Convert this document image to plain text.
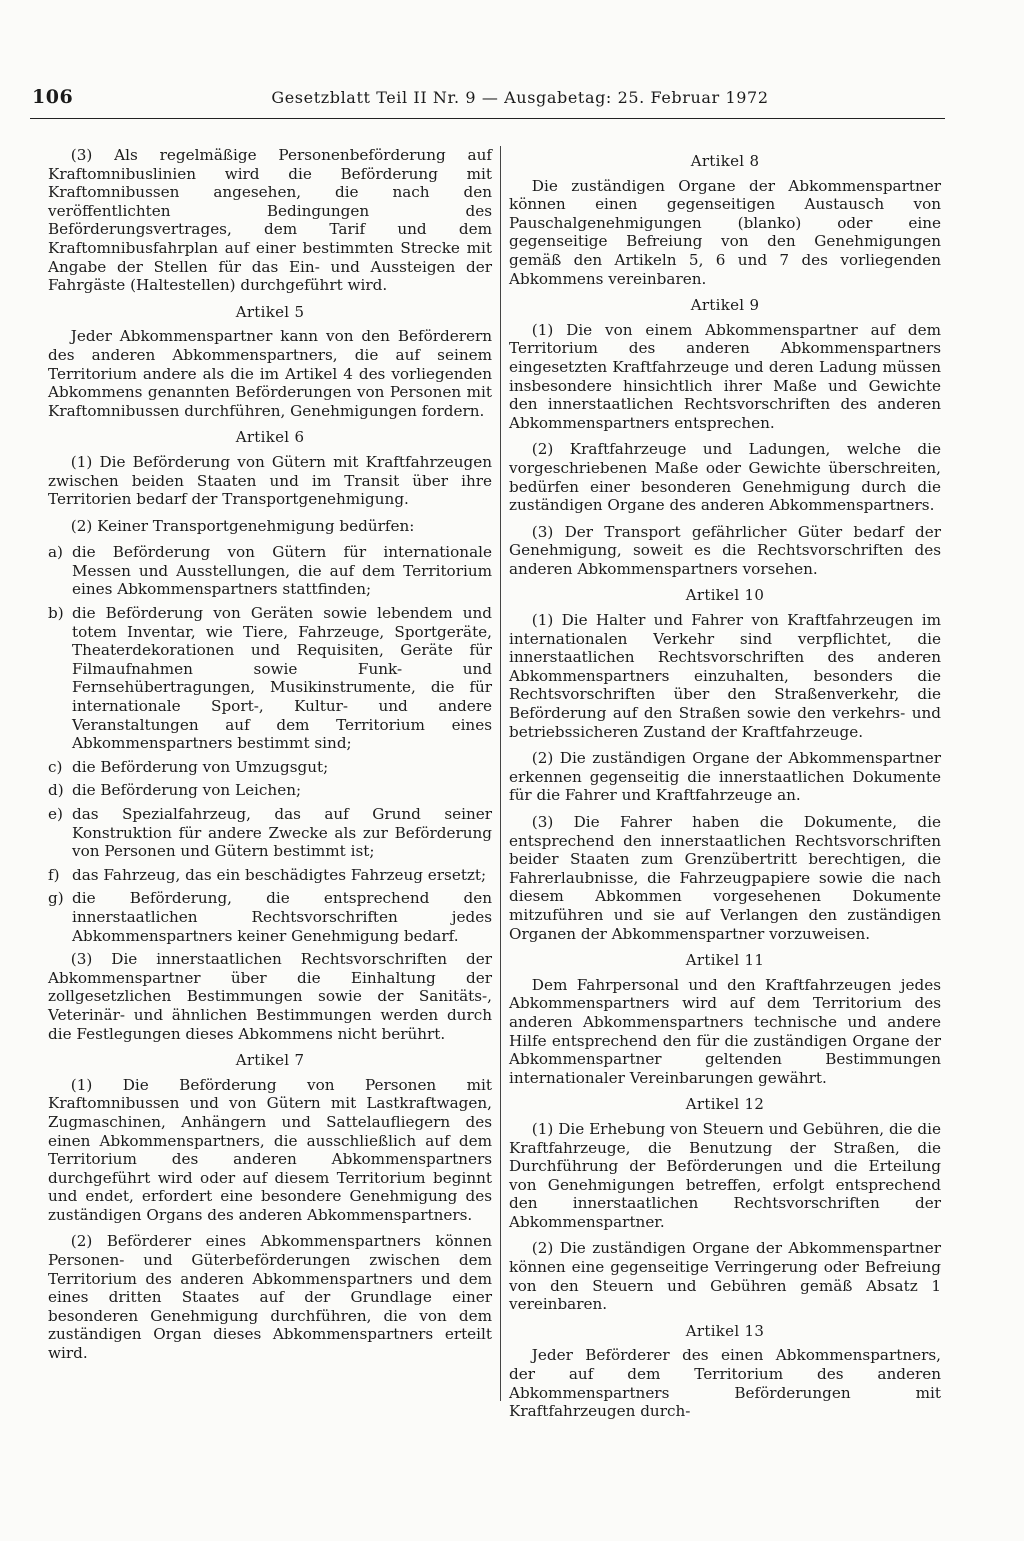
106	Gesetzblatt Teil II Nr. 9 — Ausgabetag: 25. Februar 1972

(3) Als regelmäßige Personenbeförderung auf Kraftomnibuslinien wird die Beförderung mit Kraftomnibussen angesehen, die nach den veröffentlichten Bedingungen des Beförderungsvertrages, dem Tarif und dem Kraftomnibusfahrplan auf einer bestimmten Strecke mit Angabe der Stellen für das Ein- und Aussteigen der Fahrgäste (Haltestellen) durchgeführt wird.

Artikel 5

Jeder Abkommenspartner kann von den Beförderern des anderen Abkommenspartners, die auf seinem Territorium andere als die im Artikel 4 des vorliegenden Abkommens genannten Beförderungen von Personen mit Kraftomnibussen durchführen, Genehmigungen fordern.

Artikel 6

(1) Die Beförderung von Gütern mit Kraftfahrzeugen zwischen beiden Staaten und im Transit über ihre Territorien bedarf der Transportgenehmigung.

(2) Keiner Transportgenehmigung bedürfen:

a) die Beförderung von Gütern für internationale Messen und Ausstellungen, die auf dem Territorium eines Abkommenspartners stattfinden;
b) die Beförderung von Geräten sowie lebendem und totem Inventar, wie Tiere, Fahrzeuge, Sportgeräte, Theaterdekorationen und Requisiten, Geräte für Filmaufnahmen sowie Funk- und Fernsehübertragungen, Musikinstrumente, die für internationale Sport-, Kultur- und andere Veranstaltungen auf dem Territorium eines Abkommenspartners bestimmt sind;
c) die Beförderung von Umzugsgut;
d) die Beförderung von Leichen;
e) das Spezialfahrzeug, das auf Grund seiner Konstruktion für andere Zwecke als zur Beförderung von Personen und Gütern bestimmt ist;
f) das Fahrzeug, das ein beschädigtes Fahrzeug ersetzt;
g) die Beförderung, die entsprechend den innerstaatlichen Rechtsvorschriften jedes Abkommenspartners keiner Genehmigung bedarf.

(3) Die innerstaatlichen Rechtsvorschriften der Abkommenspartner über die Einhaltung der zollgesetzlichen Bestimmungen sowie der Sanitäts-, Veterinär- und ähnlichen Bestimmungen werden durch die Festlegungen dieses Abkommens nicht berührt.

Artikel 7

(1) Die Beförderung von Personen mit Kraftomnibussen und von Gütern mit Lastkraftwagen, Zugmaschinen, Anhängern und Sattelaufliegern des einen Abkommenspartners, die ausschließlich auf dem Territorium des anderen Abkommenspartners durchgeführt wird oder auf diesem Territorium beginnt und endet, erfordert eine besondere Genehmigung des zuständigen Organs des anderen Abkommenspartners.

(2) Beförderer eines Abkommenspartners können Personen- und Güterbeförderungen zwischen dem Territorium des anderen Abkommenspartners und dem eines dritten Staates auf der Grundlage einer besonderen Genehmigung durchführen, die von dem zuständigen Organ dieses Abkommenspartners erteilt wird.

Artikel 8

Die zuständigen Organe der Abkommenspartner können einen gegenseitigen Austausch von Pauschalgenehmigungen (blanko) oder eine gegenseitige Befreiung von den Genehmigungen gemäß den Artikeln 5, 6 und 7 des vorliegenden Abkommens vereinbaren.

Artikel 9

(1) Die von einem Abkommenspartner auf dem Territorium des anderen Abkommenspartners eingesetzten Kraftfahrzeuge und deren Ladung müssen insbesondere hinsichtlich ihrer Maße und Gewichte den innerstaatlichen Rechtsvorschriften des anderen Abkommenspartners entsprechen.

(2) Kraftfahrzeuge und Ladungen, welche die vorgeschriebenen Maße oder Gewichte überschreiten, bedürfen einer besonderen Genehmigung durch die zuständigen Organe des anderen Abkommenspartners.

(3) Der Transport gefährlicher Güter bedarf der Genehmigung, soweit es die Rechtsvorschriften des anderen Abkommenspartners vorsehen.

Artikel 10

(1) Die Halter und Fahrer von Kraftfahrzeugen im internationalen Verkehr sind verpflichtet, die innerstaatlichen Rechtsvorschriften des anderen Abkommenspartners einzuhalten, besonders die Rechtsvorschriften über den Straßenverkehr, die Beförderung auf den Straßen sowie den verkehrs- und betriebssicheren Zustand der Kraftfahrzeuge.

(2) Die zuständigen Organe der Abkommenspartner erkennen gegenseitig die innerstaatlichen Dokumente für die Fahrer und Kraftfahrzeuge an.

(3) Die Fahrer haben die Dokumente, die entsprechend den innerstaatlichen Rechtsvorschriften beider Staaten zum Grenzübertritt berechtigen, die Fahrerlaubnisse, die Fahrzeugpapiere sowie die nach diesem Abkommen vorgesehenen Dokumente mitzuführen und sie auf Verlangen den zuständigen Organen der Abkommenspartner vorzuweisen.

Artikel 11

Dem Fahrpersonal und den Kraftfahrzeugen jedes Abkommenspartners wird auf dem Territorium des anderen Abkommenspartners technische und andere Hilfe entsprechend den für die zuständigen Organe der Abkommenspartner geltenden Bestimmungen internationaler Vereinbarungen gewährt.

Artikel 12

(1) Die Erhebung von Steuern und Gebühren, die die Kraftfahrzeuge, die Benutzung der Straßen, die Durchführung der Beförderungen und die Erteilung von Genehmigungen betreffen, erfolgt entsprechend den innerstaatlichen Rechtsvorschriften der Abkommenspartner.

(2) Die zuständigen Organe der Abkommenspartner können eine gegenseitige Verringerung oder Befreiung von den Steuern und Gebühren gemäß Absatz 1 vereinbaren.

Artikel 13

Jeder Beförderer des einen Abkommenspartners, der auf dem Territorium des anderen Abkommenspartners Beförderungen mit Kraftfahrzeugen durch-
